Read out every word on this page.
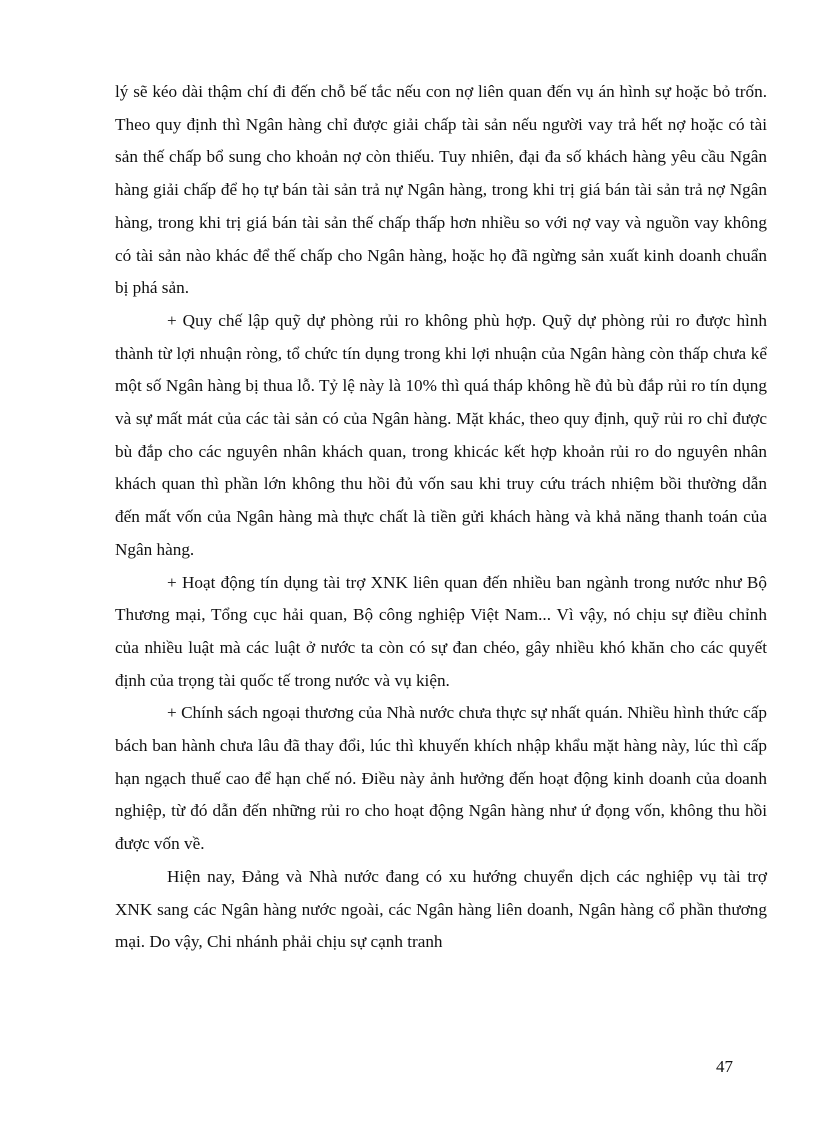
lý sẽ kéo dài thậm chí đi đến chỗ bế tắc nếu con nợ liên quan đến vụ án hình sự hoặc bỏ trốn. Theo quy định thì Ngân hàng chỉ được giải chấp tài sản nếu người vay trả hết nợ hoặc có tài sản thế chấp bổ sung cho khoản nợ còn thiếu. Tuy nhiên, đại đa số khách hàng yêu cầu Ngân hàng giải chấp để họ tự bán tài sản trả nự Ngân hàng, trong khi trị giá bán tài sản trả nợ Ngân hàng, trong khi trị giá bán tài sản thế chấp thấp hơn nhiều so với nợ vay và nguồn vay không có tài sản nào khác để thế chấp cho Ngân hàng, hoặc họ đã ngừng sản xuất kinh doanh chuẩn bị phá sản.

+ Quy chế lập quỹ dự phòng rủi ro không phù hợp. Quỹ dự phòng rủi ro được hình thành từ lợi nhuận ròng, tổ chức tín dụng trong khi lợi nhuận của Ngân hàng còn thấp chưa kể một số Ngân hàng bị thua lỗ. Tỷ lệ này là 10% thì quá tháp không hề đủ bù đắp rủi ro tín dụng và sự mất mát của các tài sản có của Ngân hàng. Mặt khác, theo quy định, quỹ rủi ro chỉ được bù đắp cho các nguyên nhân khách quan, trong khicác kết hợp khoản rủi ro do nguyên nhân khách quan thì phần lớn không thu hồi đủ vốn sau khi truy cứu trách nhiệm bồi thường dẫn đến mất vốn của Ngân hàng mà thực chất là tiền gửi khách hàng và khả năng thanh toán của Ngân hàng.

+ Hoạt động tín dụng tài trợ XNK liên quan đến nhiều ban ngành trong nước như Bộ Thương mại, Tổng cục hải quan, Bộ công nghiệp Việt Nam... Vì vậy, nó chịu sự điều chỉnh của nhiều luật mà các luật ở nước ta còn có sự đan chéo, gây nhiều khó khăn cho các quyết định của trọng tài quốc tế trong nước và vụ kiện.

+ Chính sách ngoại thương của Nhà nước chưa thực sự nhất quán. Nhiều hình thức cấp bách ban hành chưa lâu đã thay đổi, lúc thì khuyến khích nhập khẩu mặt hàng này, lúc thì cấp hạn ngạch thuế cao để hạn chế nó. Điều này ảnh hưởng đến hoạt động kinh doanh của doanh nghiệp, từ đó dẫn đến những rủi ro cho hoạt động Ngân hàng như ứ đọng vốn, không thu hồi được vốn về.

Hiện nay, Đảng và Nhà nước đang có xu hướng chuyển dịch các nghiệp vụ tài trợ XNK sang các Ngân hàng nước ngoài, các Ngân hàng liên doanh, Ngân hàng cổ phần thương mại. Do vậy, Chi nhánh phải chịu sự cạnh tranh

47
